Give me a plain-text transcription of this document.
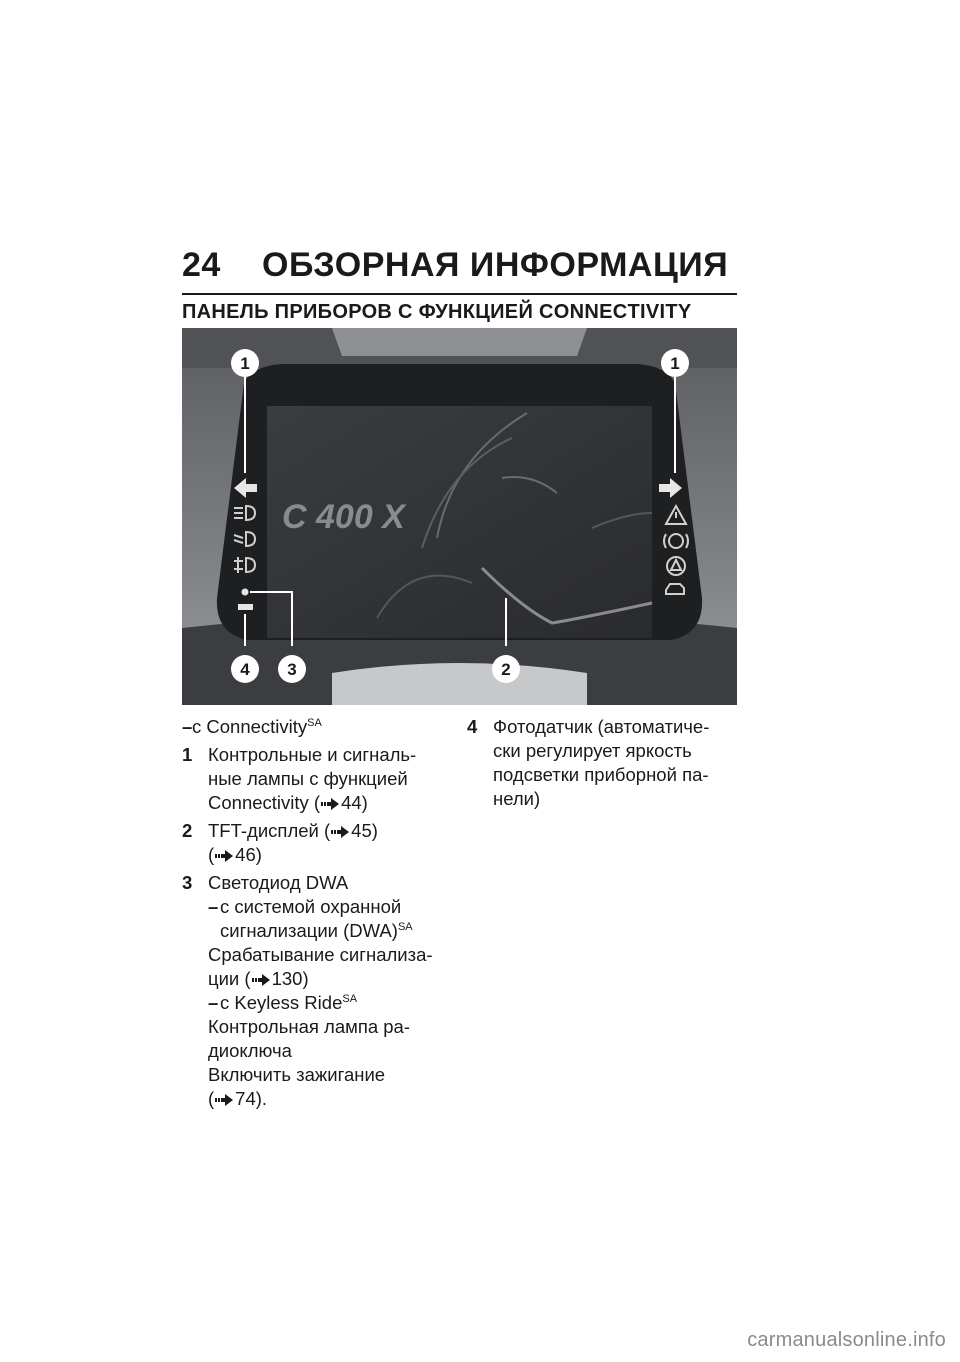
24 ОБЗОРНАЯ ИНФОРМАЦИЯ
ПАНЕЛЬ ПРИБОРОВ С ФУНКЦИЕЙ CONNECTIVITY
C 400 X
1	1
2
3
4
– с Connectivity$^{SA}$
1 Контрольные и сигналь-
ные лампы с функцией
Connectivity ( 44)
2 TFT-дисплей ( 45)
( 46)
3 Светодиод DWA
– с системой охранной
сигнализации (DWA)$^{SA}$
Срабатывание сигнализа-
ции ( 130)
– с Keyless Ride$^{SA}$
Контрольная лампа ра-
диоключа
Включить зажигание
( 74).
4 Фотодатчик (автоматиче-
ски регулирует яркость
подсветки приборной па-
нели)
carmanualsonline.info
